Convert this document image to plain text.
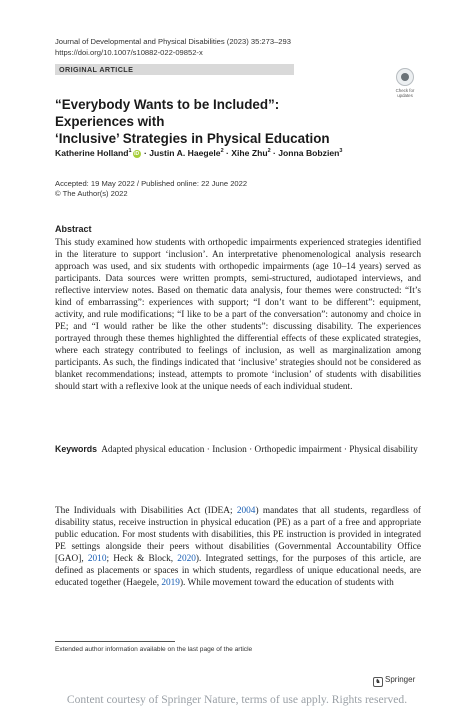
Journal of Developmental and Physical Disabilities (2023) 35:273–293
https://doi.org/10.1007/s10882-022-09852-x
ORIGINAL ARTICLE
Check for
updates
“Everybody Wants to be Included”: Experiences with
‘Inclusive’ Strategies in Physical Education
Katherine Holland$^1$ iD · Justin A. Haegele$^2$ · Xihe Zhu$^2$ · Jonna Bobzien$^3$
Accepted: 19 May 2022 / Published online: 22 June 2022
© The Author(s) 2022
Abstract
This study examined how students with orthopedic impairments experienced strategies identified in the literature to support ‘inclusion’. An interpretative phenomenological analysis research approach was used, and six students with orthopedic impairments (age 10–14 years) served as participants. Data sources were written prompts, semi-structured, audiotaped interviews, and reflective interview notes. Based on thematic data analysis, four themes were constructed: “It’s kind of embarrassing”: experiences with support; “I don’t want to be different”: equipment, activity, and rule modifications; “I like to be a part of the conversation”: autonomy and choice in PE; and “I would rather be like the other students”: discussing disability. The experiences portrayed through these themes highlighted the differential effects of these explicated strategies, where each strategy contributed to feelings of inclusion, as well as marginalization among participants. As such, the findings indicated that ‘inclusive’ strategies should not be considered as blanket recommendations; instead, attempts to promote ‘inclusion’ of students with disabilities should start with a reflexive look at the unique needs of each individual student.
Keywords Adapted physical education · Inclusion · Orthopedic impairment · Physical disability
The Individuals with Disabilities Act (IDEA; 2004) mandates that all students, regardless of disability status, receive instruction in physical education (PE) as a part of a free and appropriate public education. For most students with disabilities, this PE instruction is provided in integrated PE settings alongside their peers without disabilities (Governmental Accountability Office [GAO], 2010; Heck & Block, 2020). Integrated settings, for the purposes of this article, are defined as placements or spaces in which students, regardless of unique educational needs, are educated together (Haegele, 2019). While movement toward the education of students with
Extended author information available on the last page of the article
♞ Springer
Content courtesy of Springer Nature, terms of use apply. Rights reserved.
